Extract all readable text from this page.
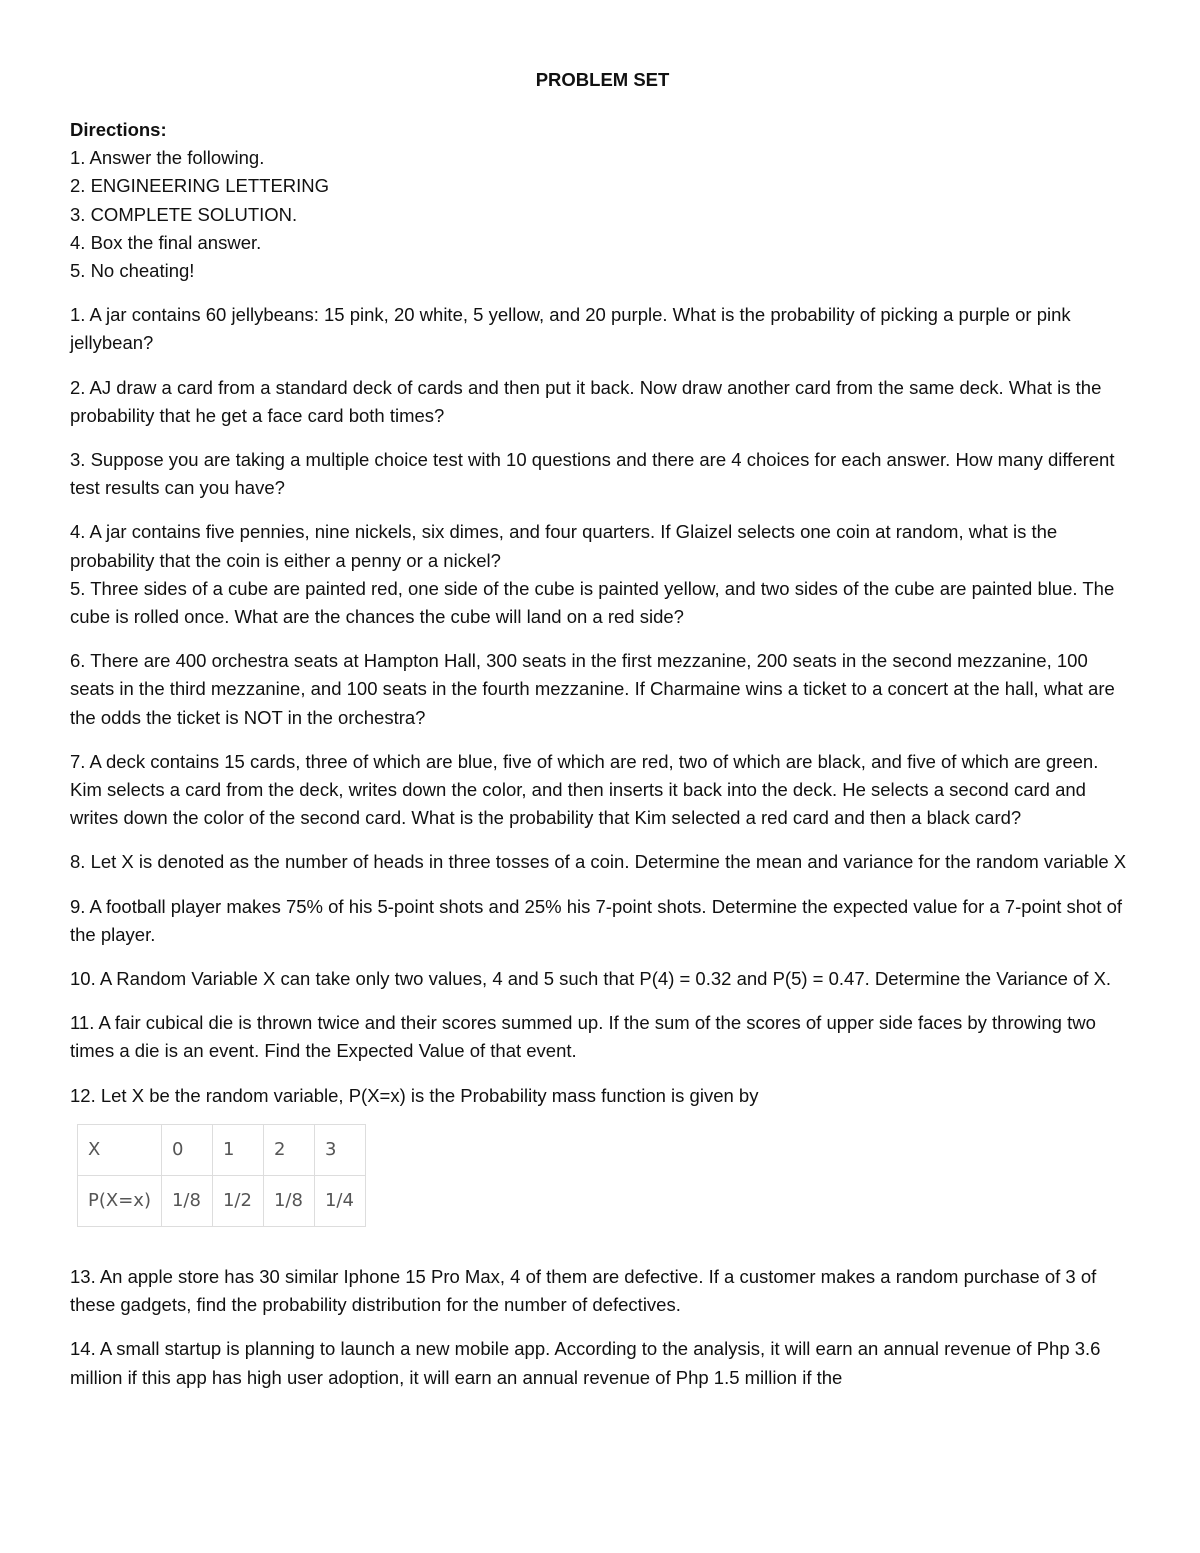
PROBLEM SET
Directions:
1. Answer the following.
2. ENGINEERING LETTERING
3. COMPLETE SOLUTION.
4. Box the final answer.
5. No cheating!

1. A jar contains 60 jellybeans: 15 pink, 20 white, 5 yellow, and 20 purple. What is the probability of picking a purple or pink jellybean?

2. AJ draw a card from a standard deck of cards and then put it back. Now draw another card from the same deck. What is the probability that he get a face card both times?

3. Suppose you are taking a multiple choice test with 10 questions and there are 4 choices for each answer. How many different test results can you have?

4. A jar contains five pennies, nine nickels, six dimes, and four quarters. If Glaizel selects one coin at random, what is the probability that the coin is either a penny or a nickel?

5. Three sides of a cube are painted red, one side of the cube is painted yellow, and two sides of the cube are painted blue. The cube is rolled once. What are the chances the cube will land on a red side?

6. There are 400 orchestra seats at Hampton Hall, 300 seats in the first mezzanine, 200 seats in the second mezzanine, 100 seats in the third mezzanine, and 100 seats in the fourth mezzanine. If Charmaine wins a ticket to a concert at the hall, what are the odds the ticket is NOT in the orchestra?

7. A deck contains 15 cards, three of which are blue, five of which are red, two of which are black, and five of which are green. Kim selects a card from the deck, writes down the color, and then inserts it back into the deck. He selects a second card and writes down the color of the second card. What is the probability that Kim selected a red card and then a black card?

8. Let X is denoted as the number of heads in three tosses of a coin. Determine the mean and variance for the random variable X

9. A football player makes 75% of his 5-point shots and 25% his 7-point shots. Determine the expected value for a 7-point shot of the player.

10. A Random Variable X can take only two values, 4 and 5 such that P(4) = 0.32 and P(5) = 0.47. Determine the Variance of X.

11. A fair cubical die is thrown twice and their scores summed up. If the sum of the scores of upper side faces by throwing two times a die is an event. Find the Expected Value of that event.

12. Let X be the random variable, P(X=x) is the Probability mass function is given by

X	0	1	2	3
P(X=x)	1/8	1/2	1/8	1/4

13. An apple store has 30 similar Iphone 15 Pro Max, 4 of them are defective. If a customer makes a random purchase of 3 of these gadgets, find the probability distribution for the number of defectives.

14. A small startup is planning to launch a new mobile app. According to the analysis, it will earn an annual revenue of Php 3.6 million if this app has high user adoption, it will earn an annual revenue of Php 1.5 million if the
